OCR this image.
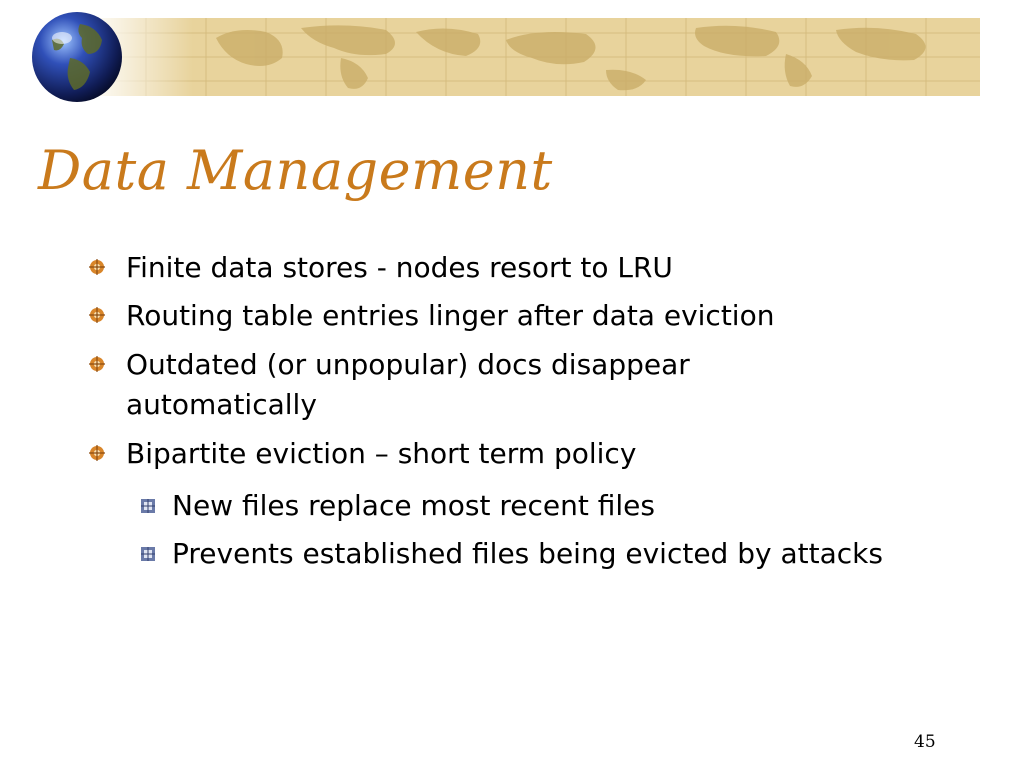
Data Management
Finite data stores - nodes resort to LRU
Routing table entries linger after data eviction
Outdated (or unpopular) docs disappear
automatically
Bipartite eviction – short term policy
New files replace most recent files
Prevents established files being evicted by attacks
45
